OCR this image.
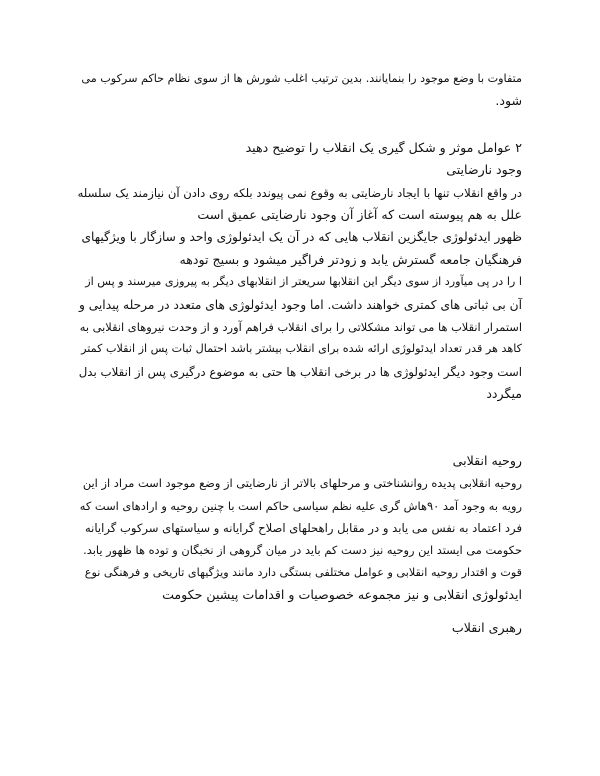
متفاوت با وضع موجود را بنمایانند. بدین ترتیب اغلب شورش ها از سوی نظام حاکم سرکوب می
شود.
۲ عوامل موثر و شکل گیری یک انقلاب را توضیح دهید
وجود نارضایتی
در واقع انقلاب تنها با ایجاد نارضایتی به وقوع نمی پیوندد بلکه روی دادن آن نیازمند یک سلسله
علل به هم پیوسته است که آغاز آن وجود نارضایتی عمیق است
ظهور ایدئولوژی جایگزین انقلاب هایی که در آن یک ایدئولوژی واحد و سازگار با ویژگیهای
فرهنگیان جامعه گسترش یابد و زودتر فراگیر میشود و بسیج تودهه
ا را در پی میآورد از سوی دیگر این انقلابها سریعتر از انقلابهای دیگر به پیروزی میرسند و پس از
آن بی ثباتی های کمتری خواهند داشت. اما وجود ایدئولوژی های متعدد در مرحله پیدایی و
استمرار انقلاب ها می تواند مشکلاتی را برای انقلاب فراهم آورد و از وحدت نیروهای انقلابی به
کاهد هر قدر تعداد ایدئولوژی ارائه شده برای انقلاب بیشتر باشد احتمال ثبات پس از انقلاب کمتر
است وجود دیگر ایدئولوژی ها در برخی انقلاب ها حتی به موضوع درگیری پس از انقلاب بدل
میگردد
روحیه انقلابی
روحیه انقلابی پدیده روانشناختی و مرحلهای بالاتر از نارضایتی از وضع موجود است مراد از این
رویه به وجود آمد ۹۰هاش گری علیه نظم سیاسی حاکم است با چنین روحیه و ارادهای است که
فرد اعتماد به نفس می یابد و در مقابل راهحلهای اصلاح گرایانه و سیاستهای سرکوب گرایانه
حکومت می ایستد این روحیه نیز دست کم باید در میان گروهی از نخبگان و توده ها ظهور یابد.
قوت و اقتدار روحیه انقلابی و عوامل مختلفی بستگی دارد مانند ویژگیهای تاریخی و فرهنگی نوع
ایدئولوژی انقلابی و نیز مجموعه خصوصیات و اقدامات پیشین حکومت
رهبری انقلاب
